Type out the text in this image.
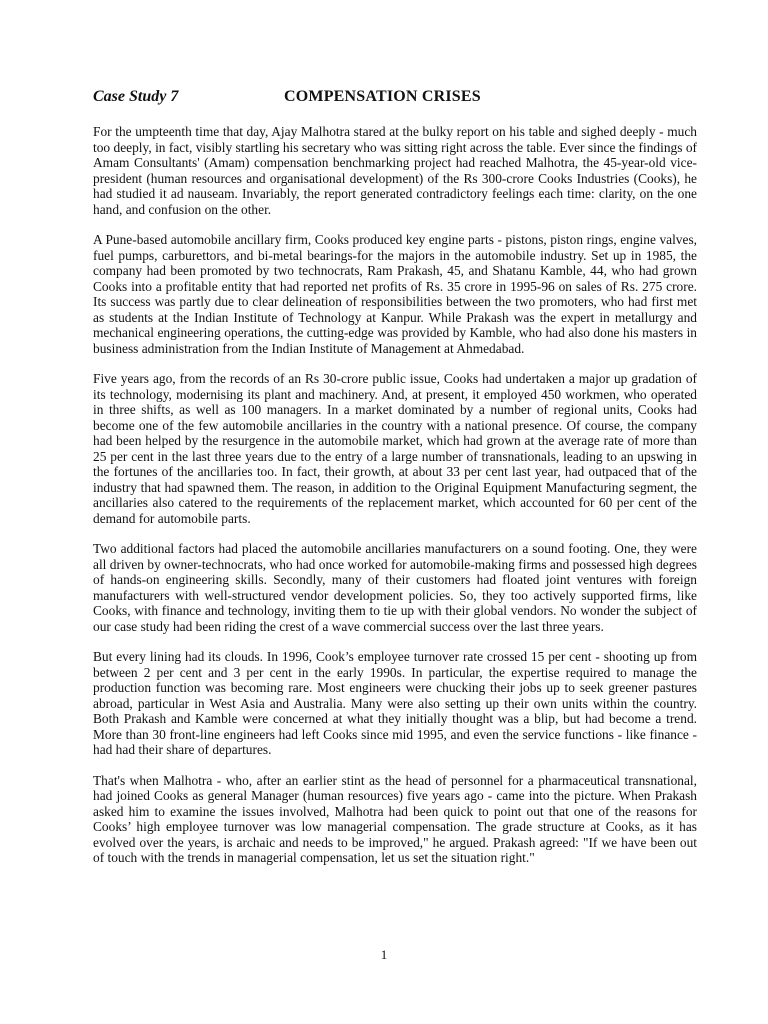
Case Study 7	COMPENSATION CRISES

For the umpteenth time that day, Ajay Malhotra stared at the bulky report on his table and sighed deeply - much too deeply, in fact, visibly startling his secretary who was sitting right across the table. Ever since the findings of Amam Consultants' (Amam) compensation benchmarking project had reached Malhotra, the 45-year-old vice-president (human resources and organisational development) of the Rs 300-crore Cooks Industries (Cooks), he had studied it ad nauseam. Invariably, the report generated contradictory feelings each time: clarity, on the one hand, and confusion on the other.

A Pune-based automobile ancillary firm, Cooks produced key engine parts - pistons, piston rings, engine valves, fuel pumps, carburettors, and bi-metal bearings-for the majors in the automobile industry. Set up in 1985, the company had been promoted by two technocrats, Ram Prakash, 45, and Shatanu Kamble, 44, who had grown Cooks into a profitable entity that had reported net profits of Rs. 35 crore in 1995-96 on sales of Rs. 275 crore. Its success was partly due to clear delineation of responsibilities between the two promoters, who had first met as students at the Indian Institute of Technology at Kanpur. While Prakash was the expert in metallurgy and mechanical engineering operations, the cutting-edge was provided by Kamble, who had also done his masters in business administration from the Indian Institute of Management at Ahmedabad.

Five years ago, from the records of an Rs 30-crore public issue, Cooks had undertaken a major up gradation of its technology, modernising its plant and machinery. And, at present, it employed 450 workmen, who operated in three shifts, as well as 100 managers. In a market dominated by a number of regional units, Cooks had become one of the few automobile ancillaries in the country with a national presence. Of course, the company had been helped by the resurgence in the automobile market, which had grown at the average rate of more than 25 per cent in the last three years due to the entry of a large number of transnationals, leading to an upswing in the fortunes of the ancillaries too. In fact, their growth, at about 33 per cent last year, had outpaced that of the industry that had spawned them. The reason, in addition to the Original Equipment Manufacturing segment, the ancillaries also catered to the requirements of the replacement market, which accounted for 60 per cent of the demand for automobile parts.

Two additional factors had placed the automobile ancillaries manufacturers on a sound footing. One, they were all driven by owner-technocrats, who had once worked for automobile-making firms and possessed high degrees of hands-on engineering skills. Secondly, many of their customers had floated joint ventures with foreign manufacturers with well-structured vendor development policies. So, they too actively supported firms, like Cooks, with finance and technology, inviting them to tie up with their global vendors. No wonder the subject of our case study had been riding the crest of a wave commercial success over the last three years.

But every lining had its clouds. In 1996, Cook’s employee turnover rate crossed 15 per cent - shooting up from between 2 per cent and 3 per cent in the early 1990s. In particular, the expertise required to manage the production function was becoming rare. Most engineers were chucking their jobs up to seek greener pastures abroad, particular in West Asia and Australia. Many were also setting up their own units within the country. Both Prakash and Kamble were concerned at what they initially thought was a blip, but had become a trend. More than 30 front-line engineers had left Cooks since mid 1995, and even the service functions - like finance - had had their share of departures.

That's when Malhotra - who, after an earlier stint as the head of personnel for a pharmaceutical transnational, had joined Cooks as general Manager (human resources) five years ago - came into the picture. When Prakash asked him to examine the issues involved, Malhotra had been quick to point out that one of the reasons for Cooks’ high employee turnover was low managerial compensation. The grade structure at Cooks, as it has evolved over the years, is archaic and needs to be improved," he argued. Prakash agreed: "If we have been out of touch with the trends in managerial compensation, let us set the situation right."

1
